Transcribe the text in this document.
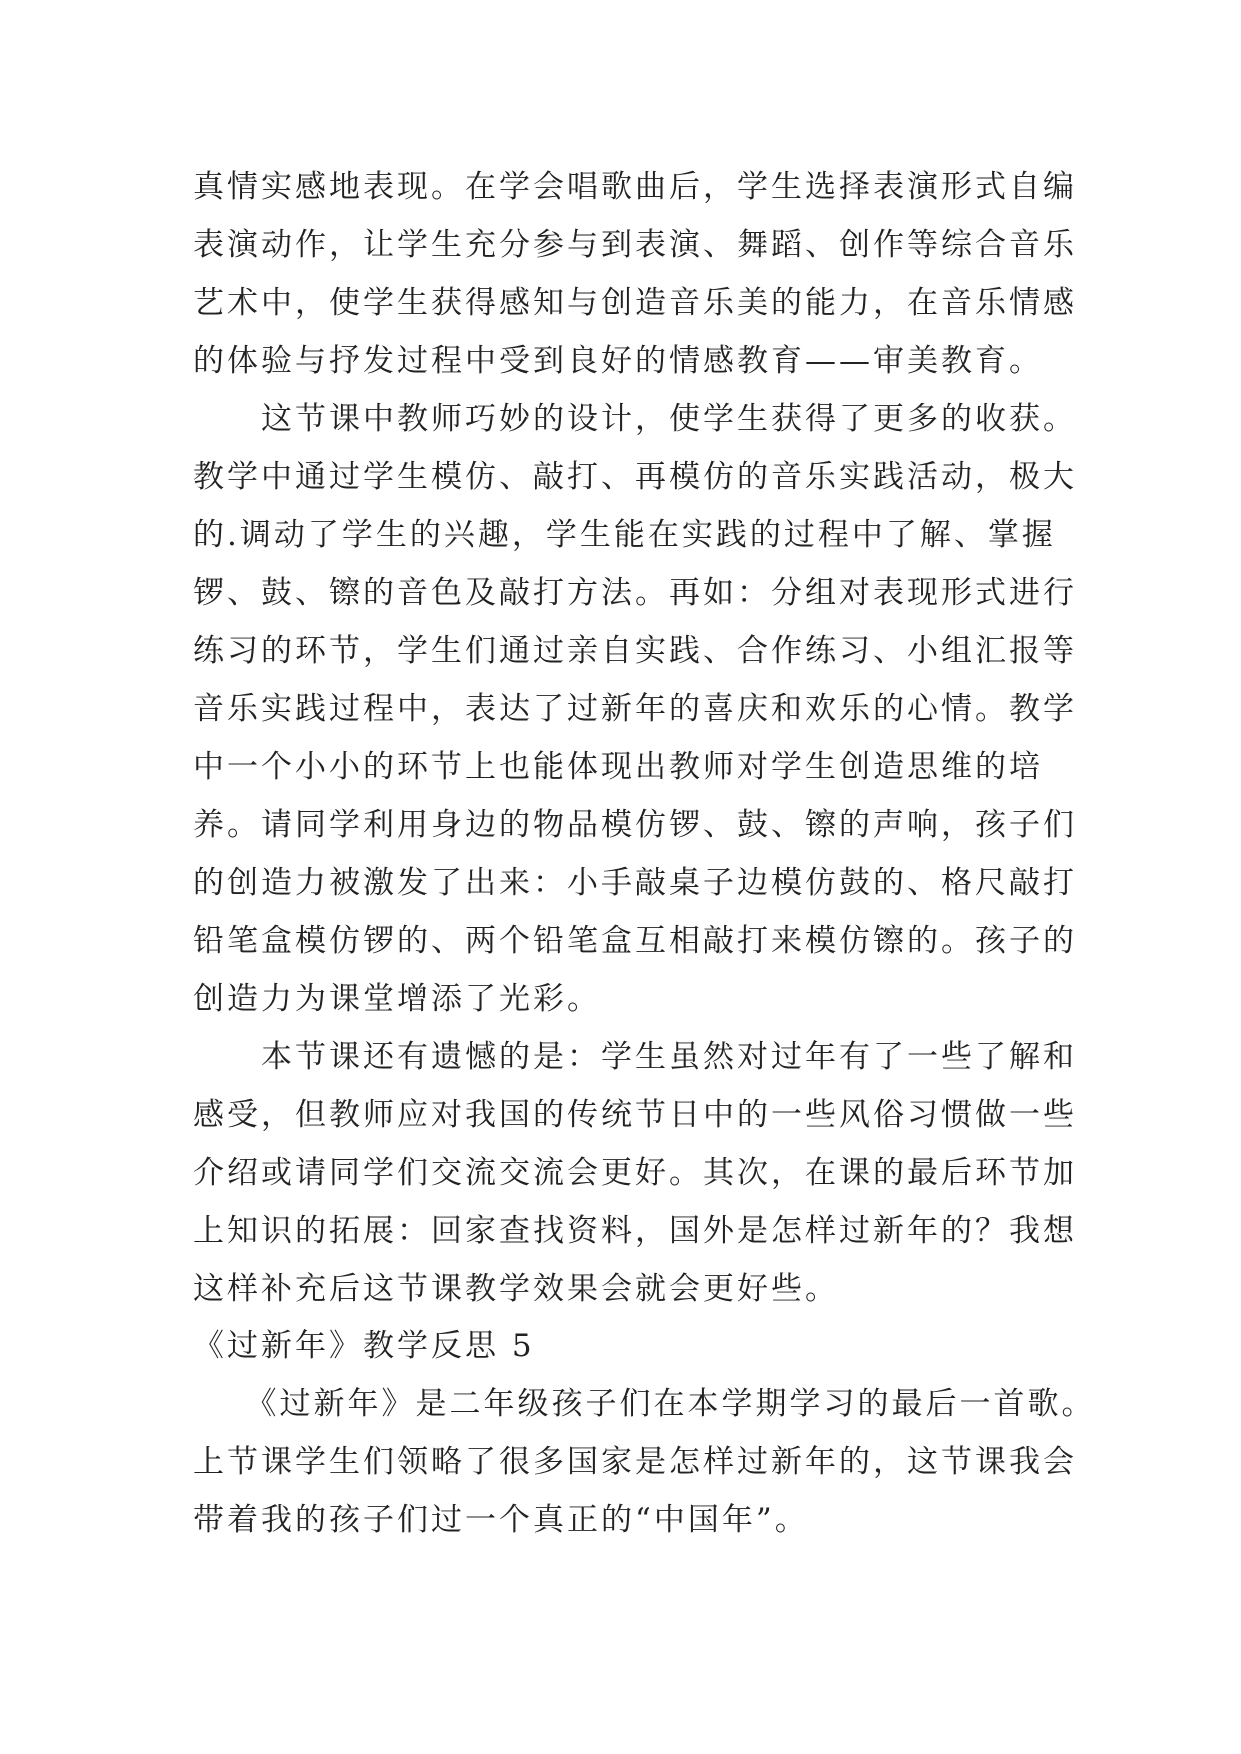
真情实感地表现。在学会唱歌曲后，学生选择表演形式自编
表演动作，让学生充分参与到表演、舞蹈、创作等综合音乐
艺术中，使学生获得感知与创造音乐美的能力，在音乐情感
的体验与抒发过程中受到良好的情感教育——审美教育。
　　这节课中教师巧妙的设计，使学生获得了更多的收获。
教学中通过学生模仿、敲打、再模仿的音乐实践活动，极大
的.调动了学生的兴趣，学生能在实践的过程中了解、掌握
锣、鼓、镲的音色及敲打方法。再如：分组对表现形式进行
练习的环节，学生们通过亲自实践、合作练习、小组汇报等
音乐实践过程中，表达了过新年的喜庆和欢乐的心情。教学
中一个小小的环节上也能体现出教师对学生创造思维的培
养。请同学利用身边的物品模仿锣、鼓、镲的声响，孩子们
的创造力被激发了出来：小手敲桌子边模仿鼓的、格尺敲打
铅笔盒模仿锣的、两个铅笔盒互相敲打来模仿镲的。孩子的
创造力为课堂增添了光彩。
　　本节课还有遗憾的是：学生虽然对过年有了一些了解和
感受，但教师应对我国的传统节日中的一些风俗习惯做一些
介绍或请同学们交流交流会更好。其次，在课的最后环节加
上知识的拓展：回家查找资料，国外是怎样过新年的？我想
这样补充后这节课教学效果会就会更好些。
《过新年》教学反思 5
　　《过新年》是二年级孩子们在本学期学习的最后一首歌。
上节课学生们领略了很多国家是怎样过新年的，这节课我会
带着我的孩子们过一个真正的“中国年”。
